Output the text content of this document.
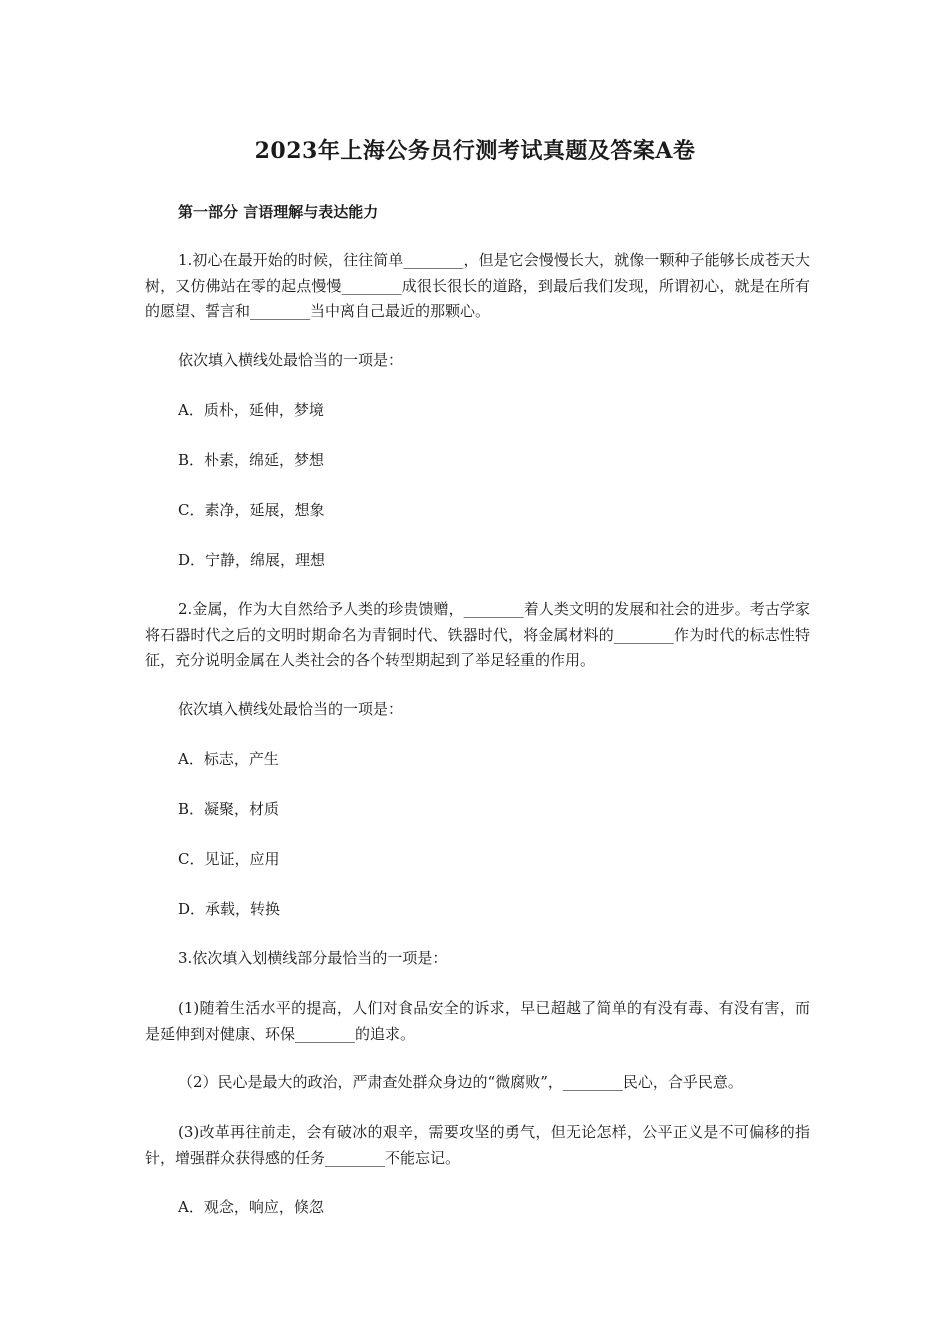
2023年上海公务员行测考试真题及答案A卷
第一部分 言语理解与表达能力
1.初心在最开始的时候，往往简单________，但是它会慢慢长大，就像一颗种子能够长成苍天大树，又仿佛站在零的起点慢慢________成很长很长的道路，到最后我们发现，所谓初心，就是在所有的愿望、誓言和________当中离自己最近的那颗心。
依次填入横线处最恰当的一项是：
A．质朴，延伸，梦境
B．朴素，绵延，梦想
C．素净，延展，想象
D．宁静，绵展，理想
2.金属，作为大自然给予人类的珍贵馈赠，________着人类文明的发展和社会的进步。考古学家将石器时代之后的文明时期命名为青铜时代、铁器时代，将金属材料的________作为时代的标志性特征，充分说明金属在人类社会的各个转型期起到了举足轻重的作用。
依次填入横线处最恰当的一项是：
A．标志，产生
B．凝聚，材质
C．见证，应用
D．承载，转换
3.依次填入划横线部分最恰当的一项是：
(1)随着生活水平的提高，人们对食品安全的诉求，早已超越了简单的有没有毒、有没有害，而是延伸到对健康、环保________的追求。
（2）民心是最大的政治，严肃查处群众身边的“微腐败”，________民心，合乎民意。
(3)改革再往前走，会有破冰的艰辛，需要攻坚的勇气，但无论怎样，公平正义是不可偏移的指针，增强群众获得感的任务________不能忘记。
A．观念，响应，倏忽
